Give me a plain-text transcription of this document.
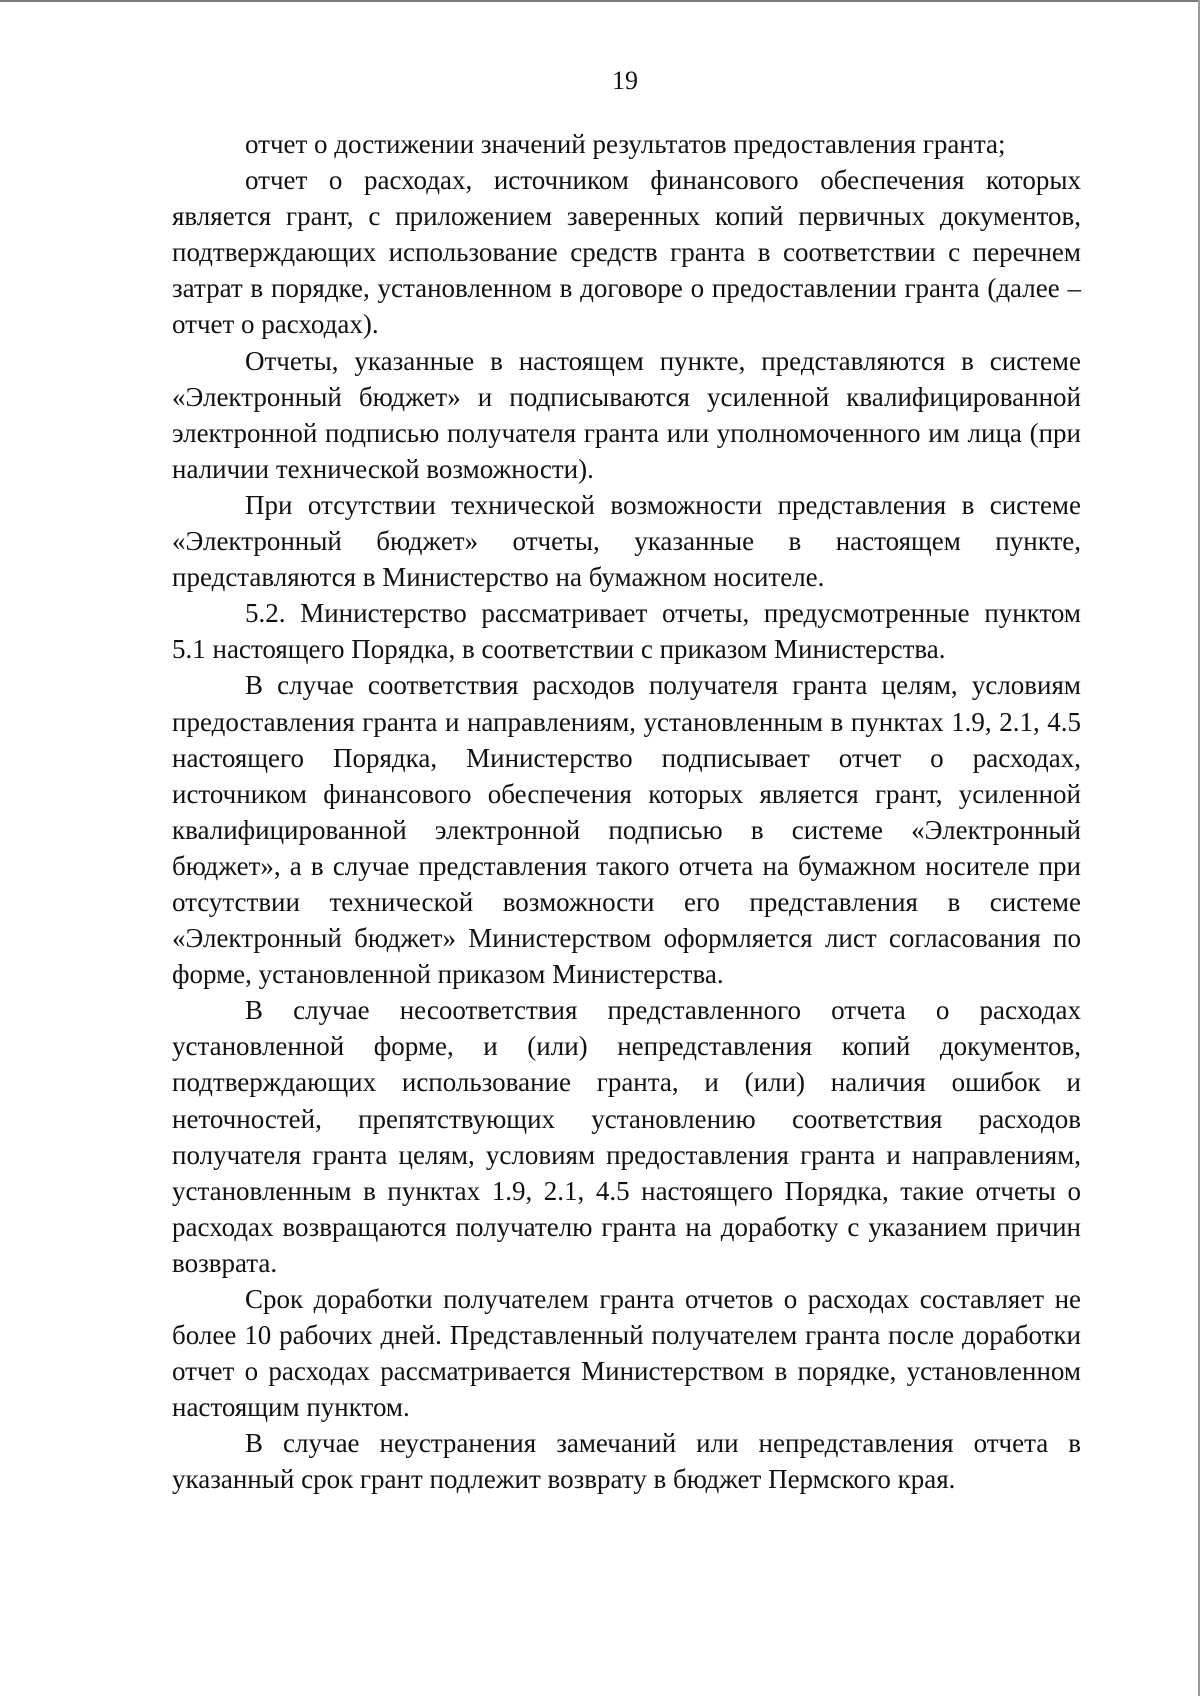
19

отчет о достижении значений результатов предоставления гранта;

отчет о расходах, источником финансового обеспечения которых является грант, с приложением заверенных копий первичных документов, подтверждающих использование средств гранта в соответствии с перечнем затрат в порядке, установленном в договоре о предоставлении гранта (далее – отчет о расходах).

Отчеты, указанные в настоящем пункте, представляются в системе «Электронный бюджет» и подписываются усиленной квалифицированной электронной подписью получателя гранта или уполномоченного им лица (при наличии технической возможности).

При отсутствии технической возможности представления в системе «Электронный бюджет» отчеты, указанные в настоящем пункте, представляются в Министерство на бумажном носителе.

5.2. Министерство рассматривает отчеты, предусмотренные пунктом 5.1 настоящего Порядка, в соответствии с приказом Министерства.

В случае соответствия расходов получателя гранта целям, условиям предоставления гранта и направлениям, установленным в пунктах 1.9, 2.1, 4.5 настоящего Порядка, Министерство подписывает отчет о расходах, источником финансового обеспечения которых является грант, усиленной квалифицированной электронной подписью в системе «Электронный бюджет», а в случае представления такого отчета на бумажном носителе при отсутствии технической возможности его представления в системе «Электронный бюджет» Министерством оформляется лист согласования по форме, установленной приказом Министерства.

В случае несоответствия представленного отчета о расходах установленной форме, и (или) непредставления копий документов, подтверждающих использование гранта, и (или) наличия ошибок и неточностей, препятствующих установлению соответствия расходов получателя гранта целям, условиям предоставления гранта и направлениям, установленным в пунктах 1.9, 2.1, 4.5 настоящего Порядка, такие отчеты о расходах возвращаются получателю гранта на доработку с указанием причин возврата.

Срок доработки получателем гранта отчетов о расходах составляет не более 10 рабочих дней. Представленный получателем гранта после доработки отчет о расходах рассматривается Министерством в порядке, установленном настоящим пунктом.

В случае неустранения замечаний или непредставления отчета в указанный срок грант подлежит возврату в бюджет Пермского края.
